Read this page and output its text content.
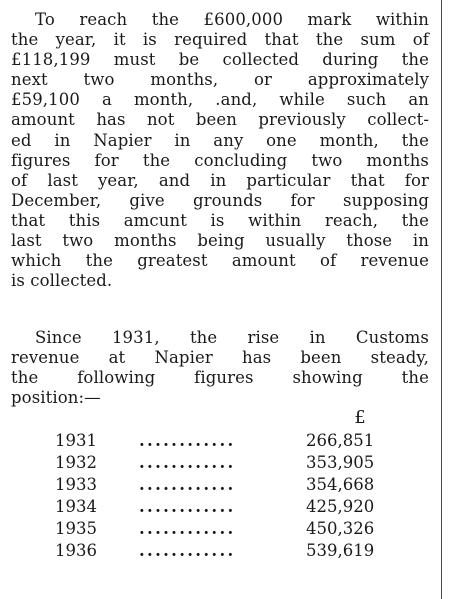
To reach the £600,000 mark within
the year, it is required that the sum of
£118,199 must be collected during the
next two months, or approximately
£59,100 a month, .and, while such an
amount has not been previously collect-
ed in Napier in any one month, the
figures for the concluding two months
of last year, and in particular that for
December, give grounds for supposing
that this amcunt is within reach, the
last two months being usually those in
which the greatest amount of revenue
is collected.

Since 1931, the rise in Customs
revenue at Napier has been steady,
the following figures showing the
position:—

£
1931	............	266,851
1932	............	353,905
1933	............	354,668
1934	............	425,920
1935	............	450,326
1936	............	539,619
